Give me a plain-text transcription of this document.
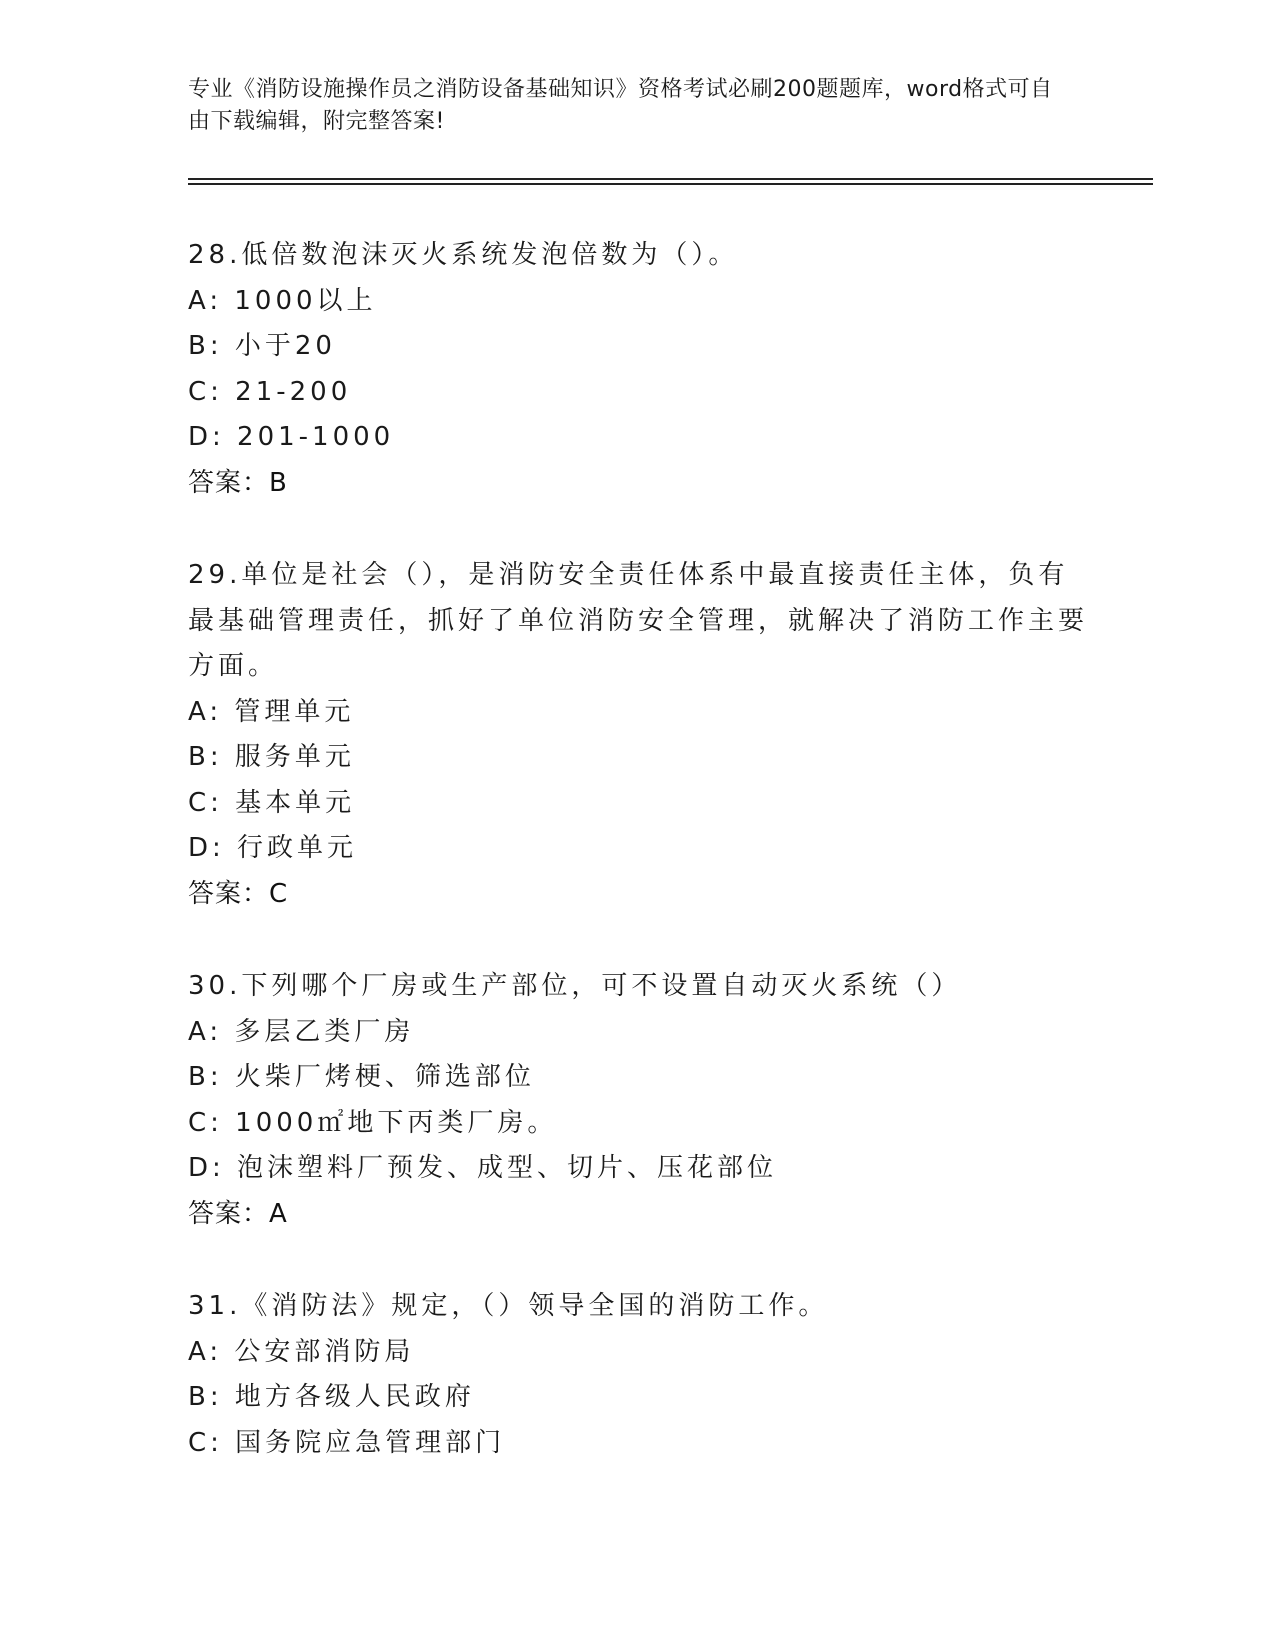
专业《消防设施操作员之消防设备基础知识》资格考试必刷200题题库，word格式可自由下载编辑，附完整答案!
28.低倍数泡沫灭火系统发泡倍数为（）。
A: 1000以上
B: 小于20
C: 21-200
D: 201-1000
答案：B
29.单位是社会（），是消防安全责任体系中最直接责任主体，负有最基础管理责任，抓好了单位消防安全管理，就解决了消防工作主要方面。
A: 管理单元
B: 服务单元
C: 基本单元
D: 行政单元
答案：C
30.下列哪个厂房或生产部位，可不设置自动灭火系统（）
A: 多层乙类厂房
B: 火柴厂烤梗、筛选部位
C: 1000㎡地下丙类厂房。
D: 泡沫塑料厂预发、成型、切片、压花部位
答案：A
31.《消防法》规定，（）领导全国的消防工作。
A: 公安部消防局
B: 地方各级人民政府
C: 国务院应急管理部门
